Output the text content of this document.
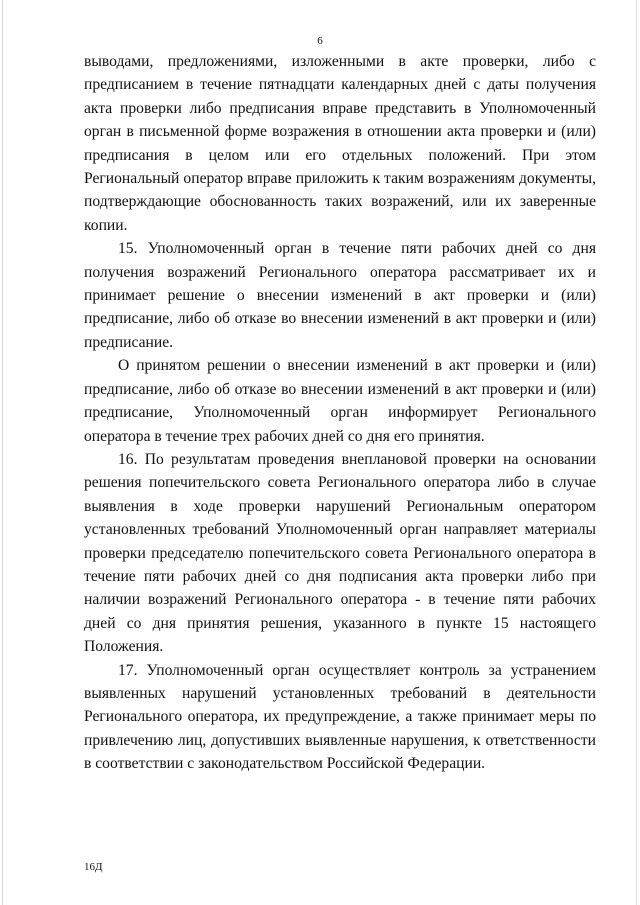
6

выводами, предложениями, изложенными в акте проверки, либо с предписанием в течение пятнадцати календарных дней с даты получения акта проверки либо предписания вправе представить в Уполномоченный орган в письменной форме возражения в отношении акта проверки и (или) предписания в целом или его отдельных положений. При этом Региональный оператор вправе приложить к таким возражениям документы, подтверждающие обоснованность таких возражений, или их заверенные копии.

15. Уполномоченный орган в течение пяти рабочих дней со дня получения возражений Регионального оператора рассматривает их и принимает решение о внесении изменений в акт проверки и (или) предписание, либо об отказе во внесении изменений в акт проверки и (или) предписание.

О принятом решении о внесении изменений в акт проверки и (или) предписание, либо об отказе во внесении изменений в акт проверки и (или) предписание, Уполномоченный орган информирует Регионального оператора в течение трех рабочих дней со дня его принятия.

16. По результатам проведения внеплановой проверки на основании решения попечительского совета Регионального оператора либо в случае выявления в ходе проверки нарушений Региональным оператором установленных требований Уполномоченный орган направляет материалы проверки председателю попечительского совета Регионального оператора в течение пяти рабочих дней со дня подписания акта проверки либо при наличии возражений Регионального оператора - в течение пяти рабочих дней со дня принятия решения, указанного в пункте 15 настоящего Положения.

17. Уполномоченный орган осуществляет контроль за устранением выявленных нарушений установленных требований в деятельности Регионального оператора, их предупреждение, а также принимает меры по привлечению лиц, допустивших выявленные нарушения, к ответственности в соответствии с законодательством Российской Федерации.

16Д
